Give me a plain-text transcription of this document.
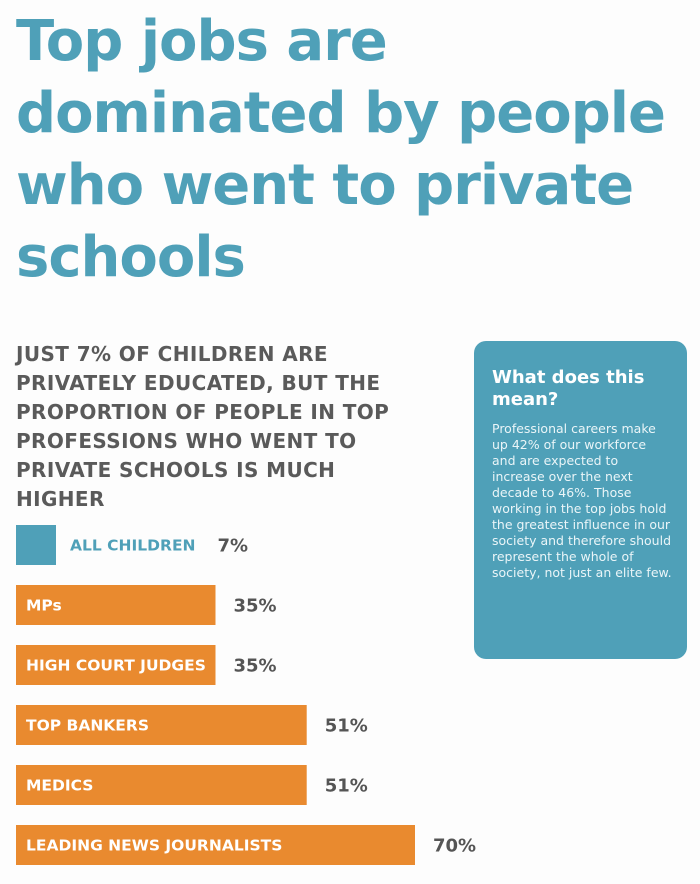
Top jobs are dominated by people who went to private schools

JUST 7% OF CHILDREN ARE PRIVATELY EDUCATED, BUT THE PROPORTION OF PEOPLE IN TOP PROFESSIONS WHO WENT TO PRIVATE SCHOOLS IS MUCH HIGHER

What does this mean?

Professional careers make up 42% of our workforce and are expected to increase over the next decade to 46%. Those working in the top jobs hold the greatest influence in our society and therefore should represent the whole of society, not just an elite few.

ALL CHILDREN 7%
MPs	35%
HIGH COURT JUDGES 35%
TOP BANKERS	51%
MEDICS	51%
LEADING NEWS JOURNALISTS	70%
